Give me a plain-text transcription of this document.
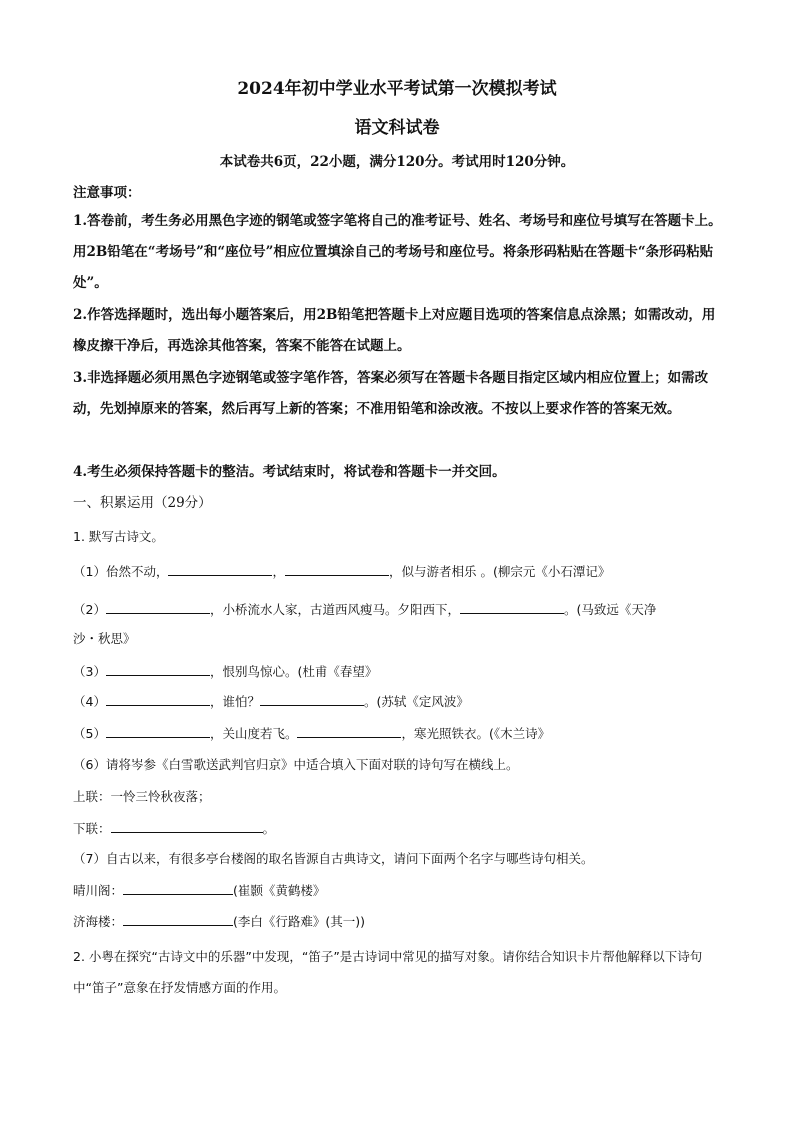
2024年初中学业水平考试第一次模拟考试
语文科试卷
本试卷共6页，22小题，满分120分。考试用时120分钟。
注意事项：
1.答卷前，考生务必用黑色字迹的钢笔或签字笔将自己的准考证号、姓名、考场号和座位号填写在答题卡上。用2B铅笔在“考场号”和“座位号”相应位置填涂自己的考场号和座位号。将条形码粘贴在答题卡“条形码粘贴处”。
2.作答选择题时，选出每小题答案后，用2B铅笔把答题卡上对应题目选项的答案信息点涂黑；如需改动，用橡皮擦干净后，再选涂其他答案，答案不能答在试题上。
3.非选择题必须用黑色字迹钢笔或签字笔作答，答案必须写在答题卡各题目指定区域内相应位置上；如需改动，先划掉原来的答案，然后再写上新的答案；不准用铅笔和涂改液。不按以上要求作答的答案无效。
4.考生必须保持答题卡的整洁。考试结束时，将试卷和答题卡一并交回。
一、积累运用（29分）
1. 默写古诗文。
（1）佁然不动，	，	，似与游者相乐 。(柳宗元《小石潭记》
（2）	，小桥流水人家，古道西风瘦马。夕阳西下，	。(马致远《天净
沙・秋思》
（3）	，恨别鸟惊心。(杜甫《春望》
（4）	，谁怕？	。(苏轼《定风波》
（5）	，关山度若飞。	，寒光照铁衣。(《木兰诗》
（6）请将岑参《白雪歌送武判官归京》中适合填入下面对联的诗句写在横线上。
上联：一怜三怜秋夜落；
下联：	。
（7）自古以来，有很多亭台楼阁的取名皆源自古典诗文，请问下面两个名字与哪些诗句相关。
晴川阁：	(崔颢《黄鹤楼》
济海楼：	(李白《行路难》(其一))
2. 小粤在探究“古诗文中的乐器”中发现，“笛子”是古诗词中常见的描写对象。请你结合知识卡片帮他解释以下诗句中“笛子”意象在抒发情感方面的作用。
